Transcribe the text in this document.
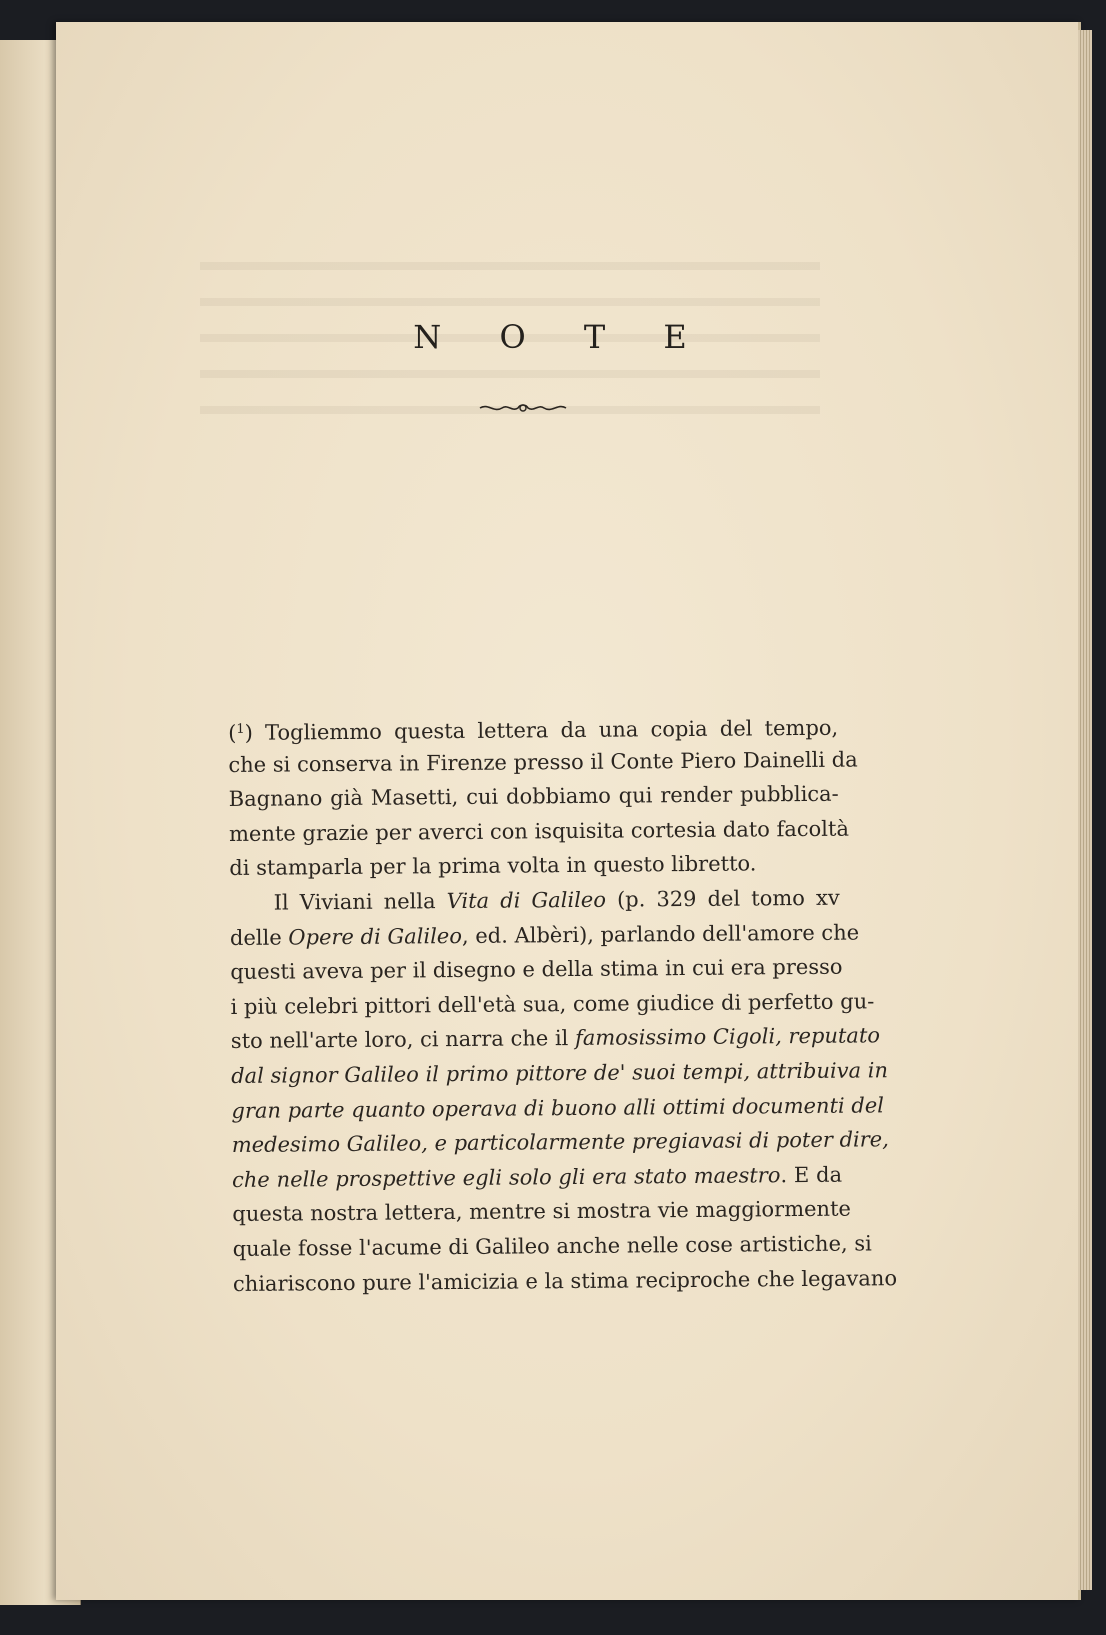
N O T E
($^1$) Togliemmo questa lettera da una copia del tempo,
che si conserva in Firenze presso il Conte Piero Dainelli da
Bagnano già Masetti, cui dobbiamo qui render pubblica-
mente grazie per averci con isquisita cortesia dato facoltà
di stamparla per la prima volta in questo libretto.
Il Viviani nella Vita di Galileo (p. 329 del tomo xv
delle Opere di Galileo, ed. Albèri), parlando dell'amore che
questi aveva per il disegno e della stima in cui era presso
i più celebri pittori dell'età sua, come giudice di perfetto gu-
sto nell'arte loro, ci narra che il famosissimo Cigoli, reputato
dal signor Galileo il primo pittore de' suoi tempi, attribuiva in
gran parte quanto operava di buono alli ottimi documenti del
medesimo Galileo, e particolarmente pregiavasi di poter dire,
che nelle prospettive egli solo gli era stato maestro. E da
questa nostra lettera, mentre si mostra vie maggiormente
quale fosse l'acume di Galileo anche nelle cose artistiche, si
chiariscono pure l'amicizia e la stima reciproche che legavano
